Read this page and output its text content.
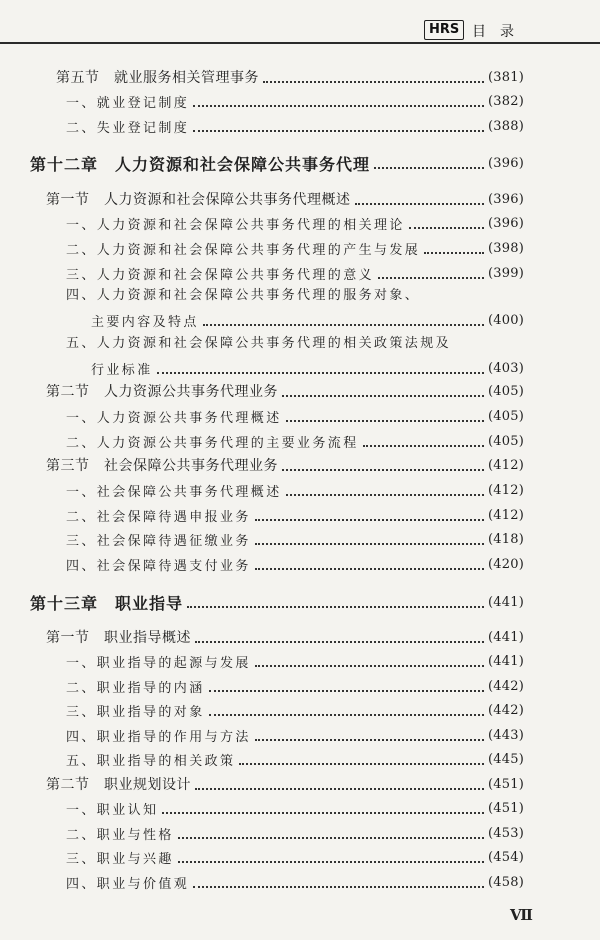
HRS 目录
第五节　就业服务相关管理事务	(381)
一、就业登记制度	(382)
二、失业登记制度	(388)
第十二章　人力资源和社会保障公共事务代理	(396)
第一节　人力资源和社会保障公共事务代理概述	(396)
一、人力资源和社会保障公共事务代理的相关理论	(396)
二、人力资源和社会保障公共事务代理的产生与发展	(398)
三、人力资源和社会保障公共事务代理的意义	(399)
四、人力资源和社会保障公共事务代理的服务对象、
主要内容及特点	(400)
五、人力资源和社会保障公共事务代理的相关政策法规及
行业标准	(403)
第二节　人力资源公共事务代理业务	(405)
一、人力资源公共事务代理概述	(405)
二、人力资源公共事务代理的主要业务流程	(405)
第三节　社会保障公共事务代理业务	(412)
一、社会保障公共事务代理概述	(412)
二、社会保障待遇申报业务	(412)
三、社会保障待遇征缴业务	(418)
四、社会保障待遇支付业务	(420)
第十三章　职业指导	(441)
第一节　职业指导概述	(441)
一、职业指导的起源与发展	(441)
二、职业指导的内涵	(442)
三、职业指导的对象	(442)
四、职业指导的作用与方法	(443)
五、职业指导的相关政策	(445)
第二节　职业规划设计	(451)
一、职业认知	(451)
二、职业与性格	(453)
三、职业与兴趣	(454)
四、职业与价值观	(458)
Ⅶ
